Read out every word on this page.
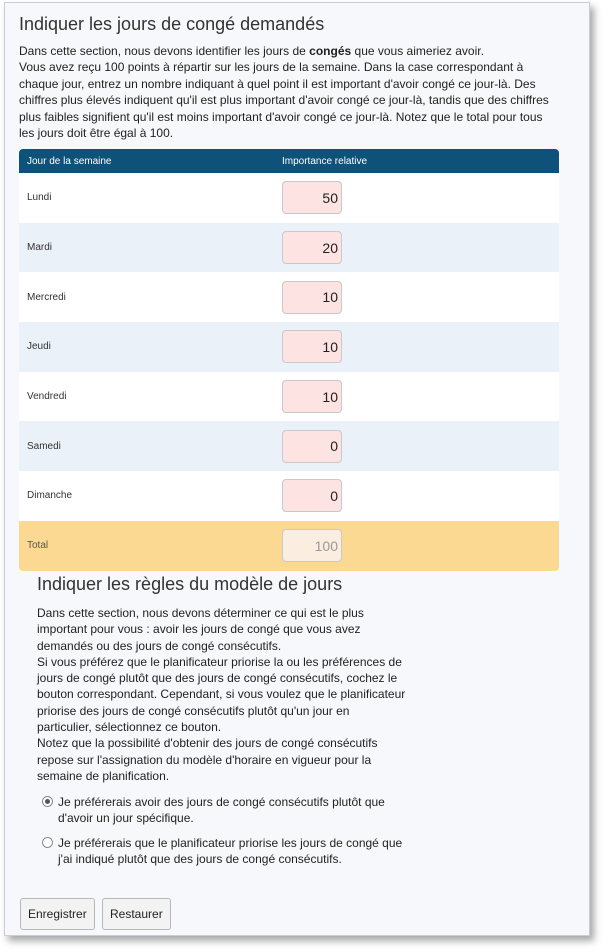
Indiquer les jours de congé demandés

Dans cette section, nous devons identifier les jours de congés que vous aimeriez avoir.
Vous avez reçu 100 points à répartir sur les jours de la semaine. Dans la case correspondant à chaque jour, entrez un nombre indiquant à quel point il est important d'avoir congé ce jour-là. Des chiffres plus élevés indiquent qu'il est plus important d'avoir congé ce jour-là, tandis que des chiffres plus faibles signifient qu'il est moins important d'avoir congé ce jour-là. Notez que le total pour tous les jours doit être égal à 100.

Jour de la semaine	Importance relative
Lundi	50
Mardi	20
Mercredi	10
Jeudi	10
Vendredi	10
Samedi	0
Dimanche	0
Total	100
Indiquer les règles du modèle de jours
Dans cette section, nous devons déterminer ce qui est le plus important pour vous : avoir les jours de congé que vous avez demandés ou des jours de congé consécutifs.
Si vous préférez que le planificateur priorise la ou les préférences de jours de congé plutôt que des jours de congé consécutifs, cochez le bouton correspondant. Cependant, si vous voulez que le planificateur priorise des jours de congé consécutifs plutôt qu'un jour en particulier, sélectionnez ce bouton.
Notez que la possibilité d'obtenir des jours de congé consécutifs repose sur l'assignation du modèle d'horaire en vigueur pour la semaine de planification.
Je préférerais avoir des jours de congé consécutifs plutôt que d'avoir un jour spécifique.
Je préférerais que le planificateur priorise les jours de congé que j'ai indiqué plutôt que des jours de congé consécutifs.
Enregistrer	Restaurer
